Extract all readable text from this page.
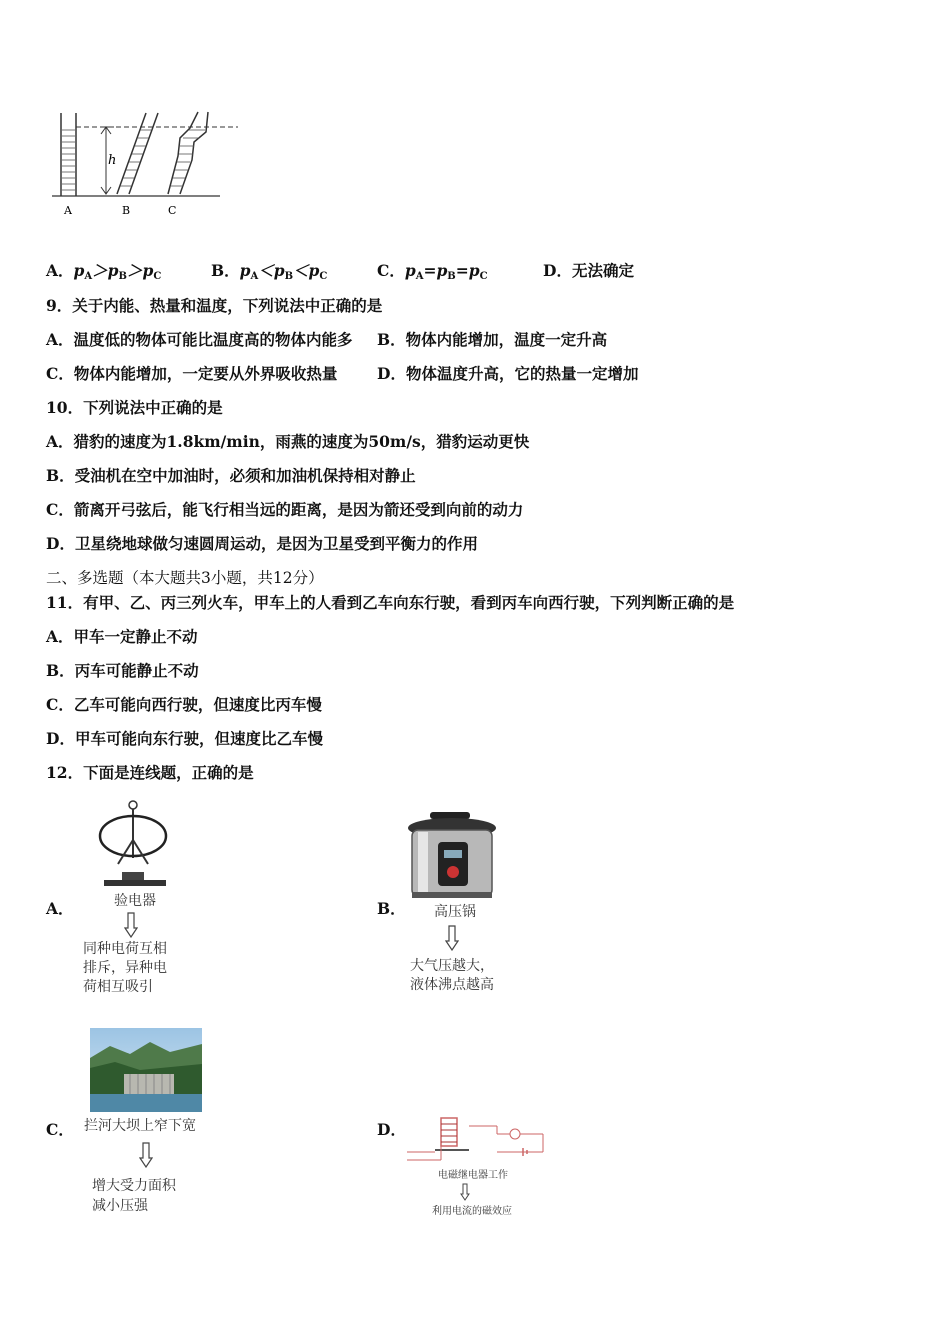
h
A	B	C
A．$p_A>p_B>p_C$	B．$p_A<p_B<p_C$	C．$p_A=p_B=p_C$	D．无法确定
9．关于内能、热量和温度，下列说法中正确的是
A．温度低的物体可能比温度高的物体内能多 B．物体内能增加，温度一定升高
C．物体内能增加，一定要从外界吸收热量	D．物体温度升高，它的热量一定增加
10．下列说法中正确的是
A．猎豹的速度为1.8km/min，雨燕的速度为50m/s，猎豹运动更快
B．受油机在空中加油时，必须和加油机保持相对静止
C．箭离开弓弦后，能飞行相当远的距离，是因为箭还受到向前的动力
D．卫星绕地球做匀速圆周运动，是因为卫星受到平衡力的作用
二、多选题（本大题共3小题，共12分）
11．有甲、乙、丙三列火车，甲车上的人看到乙车向东行驶，看到丙车向西行驶，下列判断正确的是
A．甲车一定静止不动
B．丙车可能静止不动
C．乙车可能向西行驶，但速度比丙车慢
D．甲车可能向东行驶，但速度比乙车慢
12．下面是连线题，正确的是
A．	验电器
同种电荷互相
排斥，异种电
荷相互吸引
B． 高压锅
大气压越大，
液体沸点越高
C． 拦河大坝上窄下宽
增大受力面积
减小压强
D．
电磁继电器工作
利用电流的磁效应
